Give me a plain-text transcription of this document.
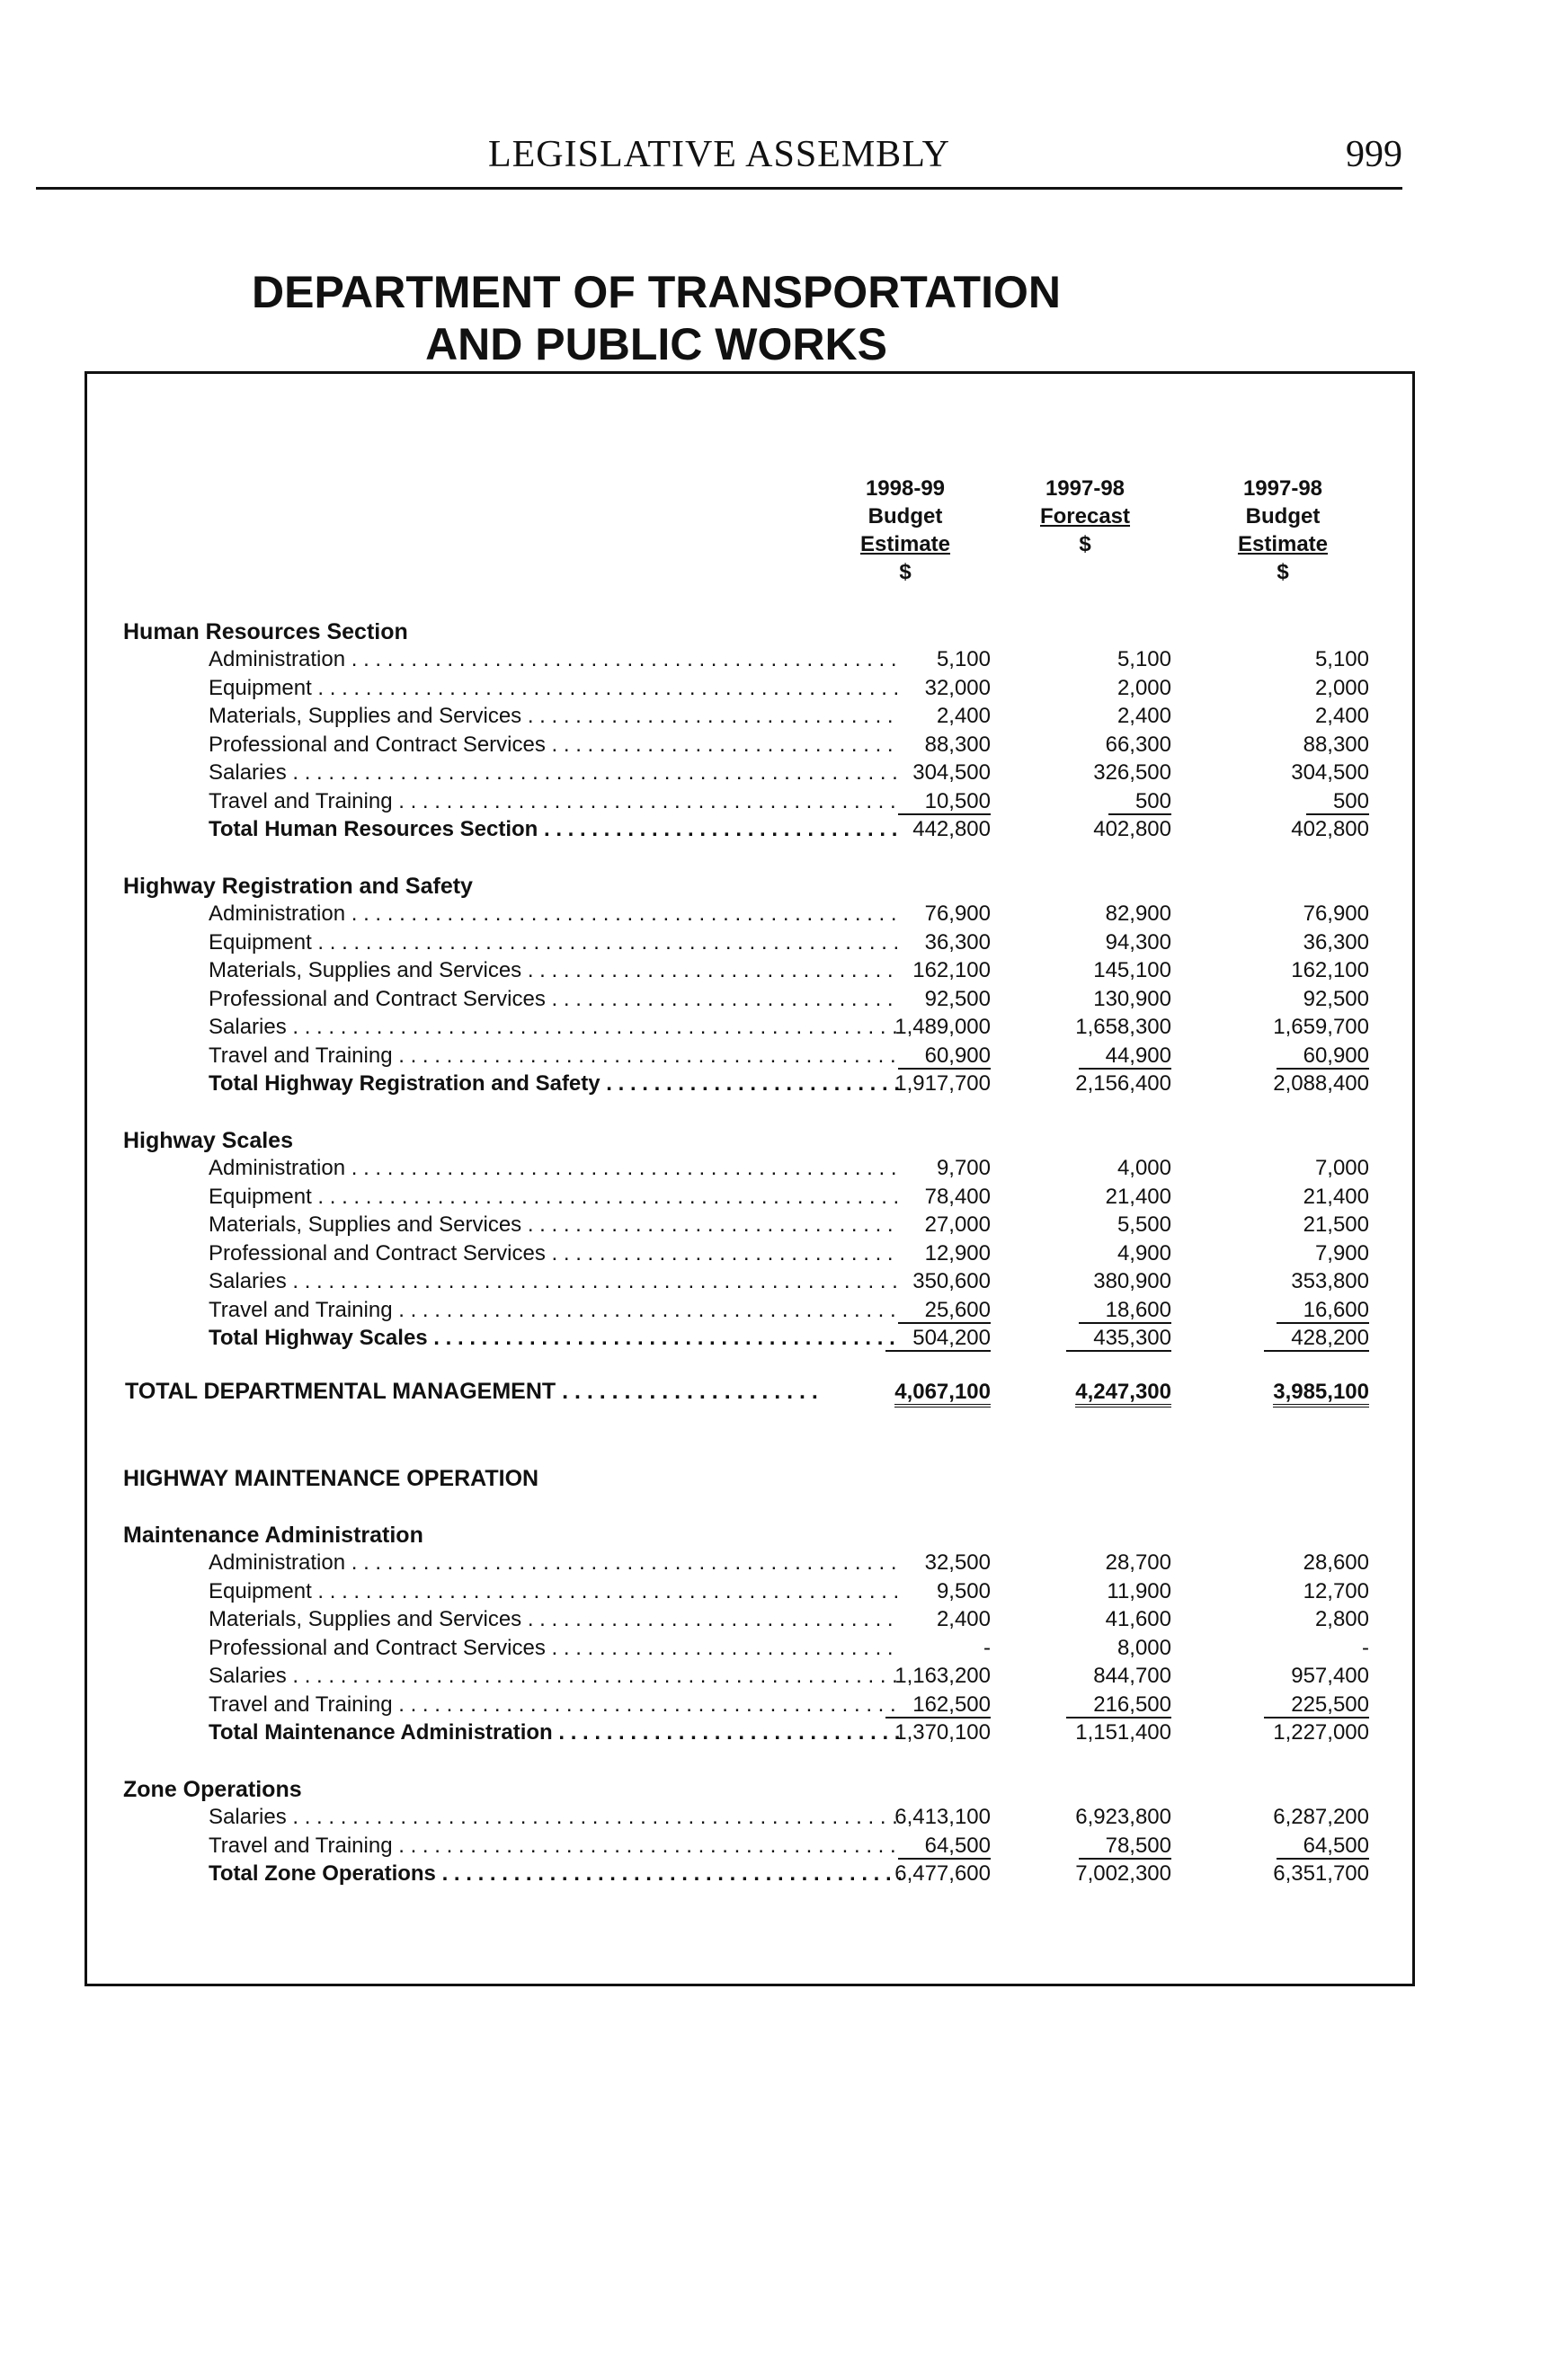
LEGISLATIVE ASSEMBLY	999
DEPARTMENT OF TRANSPORTATION
AND PUBLIC WORKS
1998-99
Budget
Estimate
$
1997-98
Forecast
$
1997-98
Budget
Estimate
$
Human Resources Section
Administration . . .	5,100	5,100	5,100
Equipment . . .	32,000	2,000	2,000
Materials, Supplies and Services . . .	2,400	2,400	2,400
Professional and Contract Services . . .	88,300	66,300	88,300
Salaries . . .	304,500	326,500	304,500
Travel and Training . . .	10,500	500	500
Total Human Resources Section . . .	442,800	402,800	402,800
Highway Registration and Safety
Administration . . .	76,900	82,900	76,900
Equipment . . .	36,300	94,300	36,300
Materials, Supplies and Services . . .	162,100	145,100	162,100
Professional and Contract Services . . .	92,500	130,900	92,500
Salaries . . .	1,489,000	1,658,300	1,659,700
Travel and Training . . .	60,900	44,900	60,900
Total Highway Registration and Safety . . .	1,917,700	2,156,400	2,088,400
Highway Scales
Administration . . .	9,700	4,000	7,000
Equipment . . .	78,400	21,400	21,400
Materials, Supplies and Services . . .	27,000	5,500	21,500
Professional and Contract Services . . .	12,900	4,900	7,900
Salaries . . .	350,600	380,900	353,800
Travel and Training . . .	25,600	18,600	16,600
Total Highway Scales . . .	504,200	435,300	428,200
TOTAL DEPARTMENTAL MANAGEMENT . . .	4,067,100	4,247,300	3,985,100
HIGHWAY MAINTENANCE OPERATION
Maintenance Administration
Administration . . .	32,500	28,700	28,600
Equipment . . .	9,500	11,900	12,700
Materials, Supplies and Services . . .	2,400	41,600	2,800
Professional and Contract Services . . .	-	8,000	-
Salaries . . .	1,163,200	844,700	957,400
Travel and Training . . .	162,500	216,500	225,500
Total Maintenance Administration . . .	1,370,100	1,151,400	1,227,000
Zone Operations
Salaries . . .	6,413,100	6,923,800	6,287,200
Travel and Training . . .	64,500	78,500	64,500
Total Zone Operations . . .	6,477,600	7,002,300	6,351,700
